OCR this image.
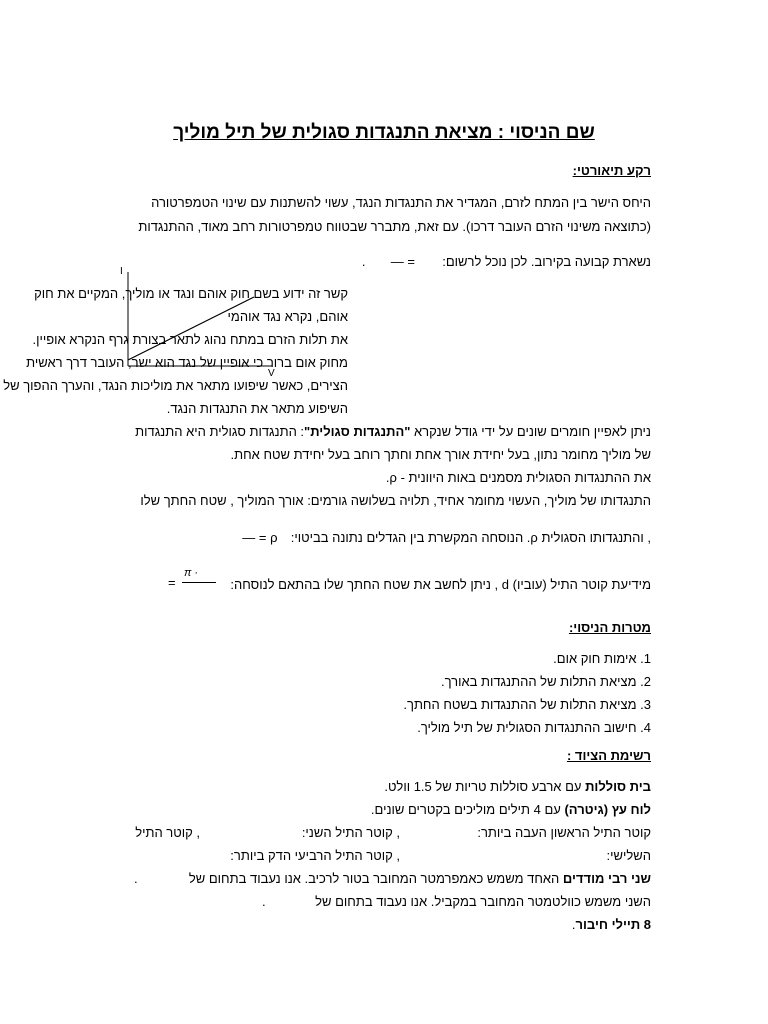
שם הניסוי : מציאת התנגדות סגולית של תיל מוליך
רקע תיאורטי:
היחס הישר בין המתח לזרם, המגדיר את התנגדות הנגד, עשוי להשתנות עם שינוי הטמפרטורה
(כתוצאה משינוי הזרם העובר דרכו). עם זאת, מתברר שבטווח טמפרטורות רחב מאוד, ההתנגדות
נשארת קבועה בקירוב. לכן נוכל לרשום:  = —  .
I
V
קשר זה ידוע בשם חוק אוהם ונגד או מוליך, המקיים את חוק
אוהם, נקרא נגד אוהמי
את תלות הזרם במתח נהוג לתאר בצורת גרף הנקרא אופיין.
מחוק אום ברור כי אופיין של נגד הוא ישר, העובר דרך ראשית
הצירים, כאשר שיפועו מתאר את מוליכות הנגד, והערך ההפוך של
השיפוע מתאר את התנגדות הנגד.
ניתן לאפיין חומרים שונים על ידי גודל שנקרא "התנגדות סגולית": התנגדות סגולית היא התנגדות
של מוליך מחומר נתון, בעל יחידת אורך אחת וחתך רוחב בעל יחידת שטח אחת.
את ההתנגדות הסגולית מסמנים באות היוונית - ρ.
התנגדותו של מוליך, העשוי מחומר אחיד, תלויה בשלושה גורמים: אורך המוליך , שטח החתך שלו
, והתנגדותו הסגולית ρ. הנוסחה המקשרת בין הגדלים נתונה בביטוי:  ρ = —
מידיעת קוטר התיל (עוביו) d , ניתן לחשב את שטח החתך שלו בהתאם לנוסחה:
π ·
=
מטרות הניסוי:
1. אימות חוק אום.
2. מציאת התלות של ההתנגדות באורך.
3. מציאת התלות של ההתנגדות בשטח החתך.
4. חישוב ההתנגדות הסגולית של תיל מוליך.
רשימת הציוד :
בית סוללות עם ארבע סוללות טריות של 1.5 וולט.
לוח עץ (גיטרה) עם 4 תילים מוליכים בקטרים שונים.
קוטר התיל הראשון העבה ביותר:
, קוטר התיל השני:
, קוטר התיל
השלישי:
, קוטר התיל הרביעי הדק ביותר:
שני רבי מודדים האחד משמש כאמפרמטר המחובר בטור לרכיב. אנו נעבוד בתחום של
.
השני משמש כוולטמטר המחובר במקביל. אנו נעבוד בתחום של
.
8 תיילי חיבור.
